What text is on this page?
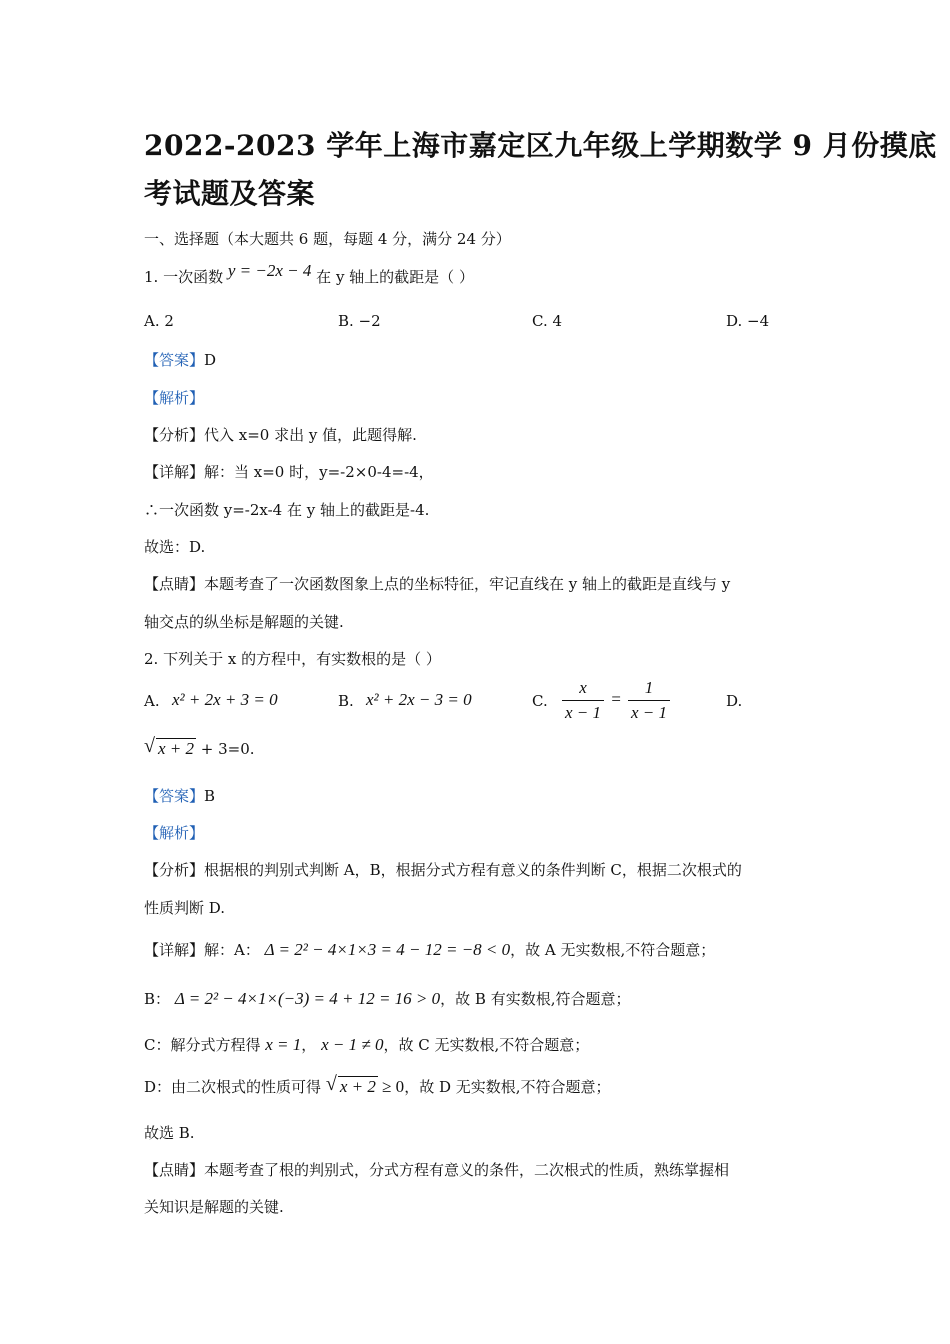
2022-2023 学年上海市嘉定区九年级上学期数学 9 月份摸底
考试题及答案
一、选择题（本大题共 6 题，每题 4 分，满分 24 分）
1. 一次函数 y = −2x − 4 在 y 轴上的截距是（ ）
A. 2	B. −2	C. 4	D. −4
【答案】D
【解析】
【分析】代入 x=0 求出 y 值，此题得解.
【详解】解：当 x=0 时，y=-2×0-4=-4，
∴一次函数 y=-2x-4 在 y 轴上的截距是-4.
故选：D.
【点睛】本题考查了一次函数图象上点的坐标特征，牢记直线在 y 轴上的截距是直线与 y
轴交点的纵坐标是解题的关键.
2. 下列关于 x 的方程中，有实数根的是（ ）
A. x² + 2x + 3 = 0	B. x² + 2x − 3 = 0	C. $\frac{x}{x - 1} = \frac{1}{x - 1}$	D.
√ x + 2 + 3=0.
【答案】B
【解析】
【分析】根据根的判别式判断 A，B，根据分式方程有意义的条件判断 C，根据二次根式的
性质判断 D.
【详解】解：A： Δ = 2² − 4×1×3 = 4 − 12 = −8 < 0，故 A 无实数根,不符合题意；
B： Δ = 2² − 4×1×(−3) = 4 + 12 = 16 > 0，故 B 有实数根,符合题意；
C：解分式方程得 x = 1， x − 1 ≠ 0，故 C 无实数根,不符合题意；
D：由二次根式的性质可得 √ x + 2 ≥ 0，故 D 无实数根,不符合题意；
故选 B.
【点睛】本题考查了根的判别式，分式方程有意义的条件，二次根式的性质，熟练掌握相
关知识是解题的关键.
